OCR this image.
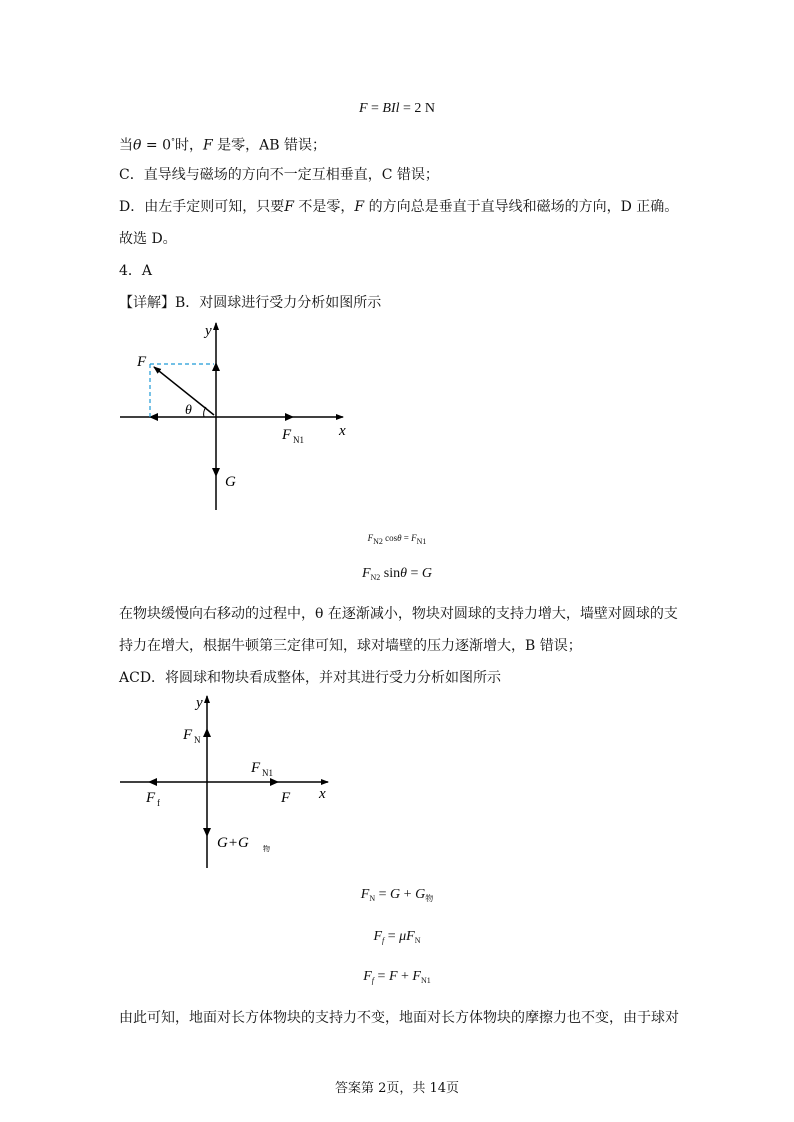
F = BIl = 2 N
当θ = 0°时，F 是零，AB 错误；
C．直导线与磁场的方向不一定互相垂直，C 错误；
D．由左手定则可知，只要F 不是零，F 的方向总是垂直于直导线和磁场的方向，D 正确。
故选 D。
4．A
【详解】B．对圆球进行受力分析如图所示
y
x
F
θ
F N1
G
$F_{N2}$ $\cos\theta = F_{N1}$
$F_{N2}$ sinθ = G
在物块缓慢向右移动的过程中，θ 在逐渐减小，物块对圆球的支持力增大，墙壁对圆球的支
持力在增大，根据牛顿第三定律可知，球对墙壁的压力逐渐增大，B 错误；
ACD．将圆球和物块看成整体，并对其进行受力分析如图所示
y
x
F N
F N1
F f	F
G+G 物
$F_N = G + G_物$
$F_f = \mu F_N$
$F_f = F + F_{N1}$
由此可知，地面对长方体物块的支持力不变，地面对长方体物块的摩擦力也不变，由于球对
答案第 2页，共 14页
